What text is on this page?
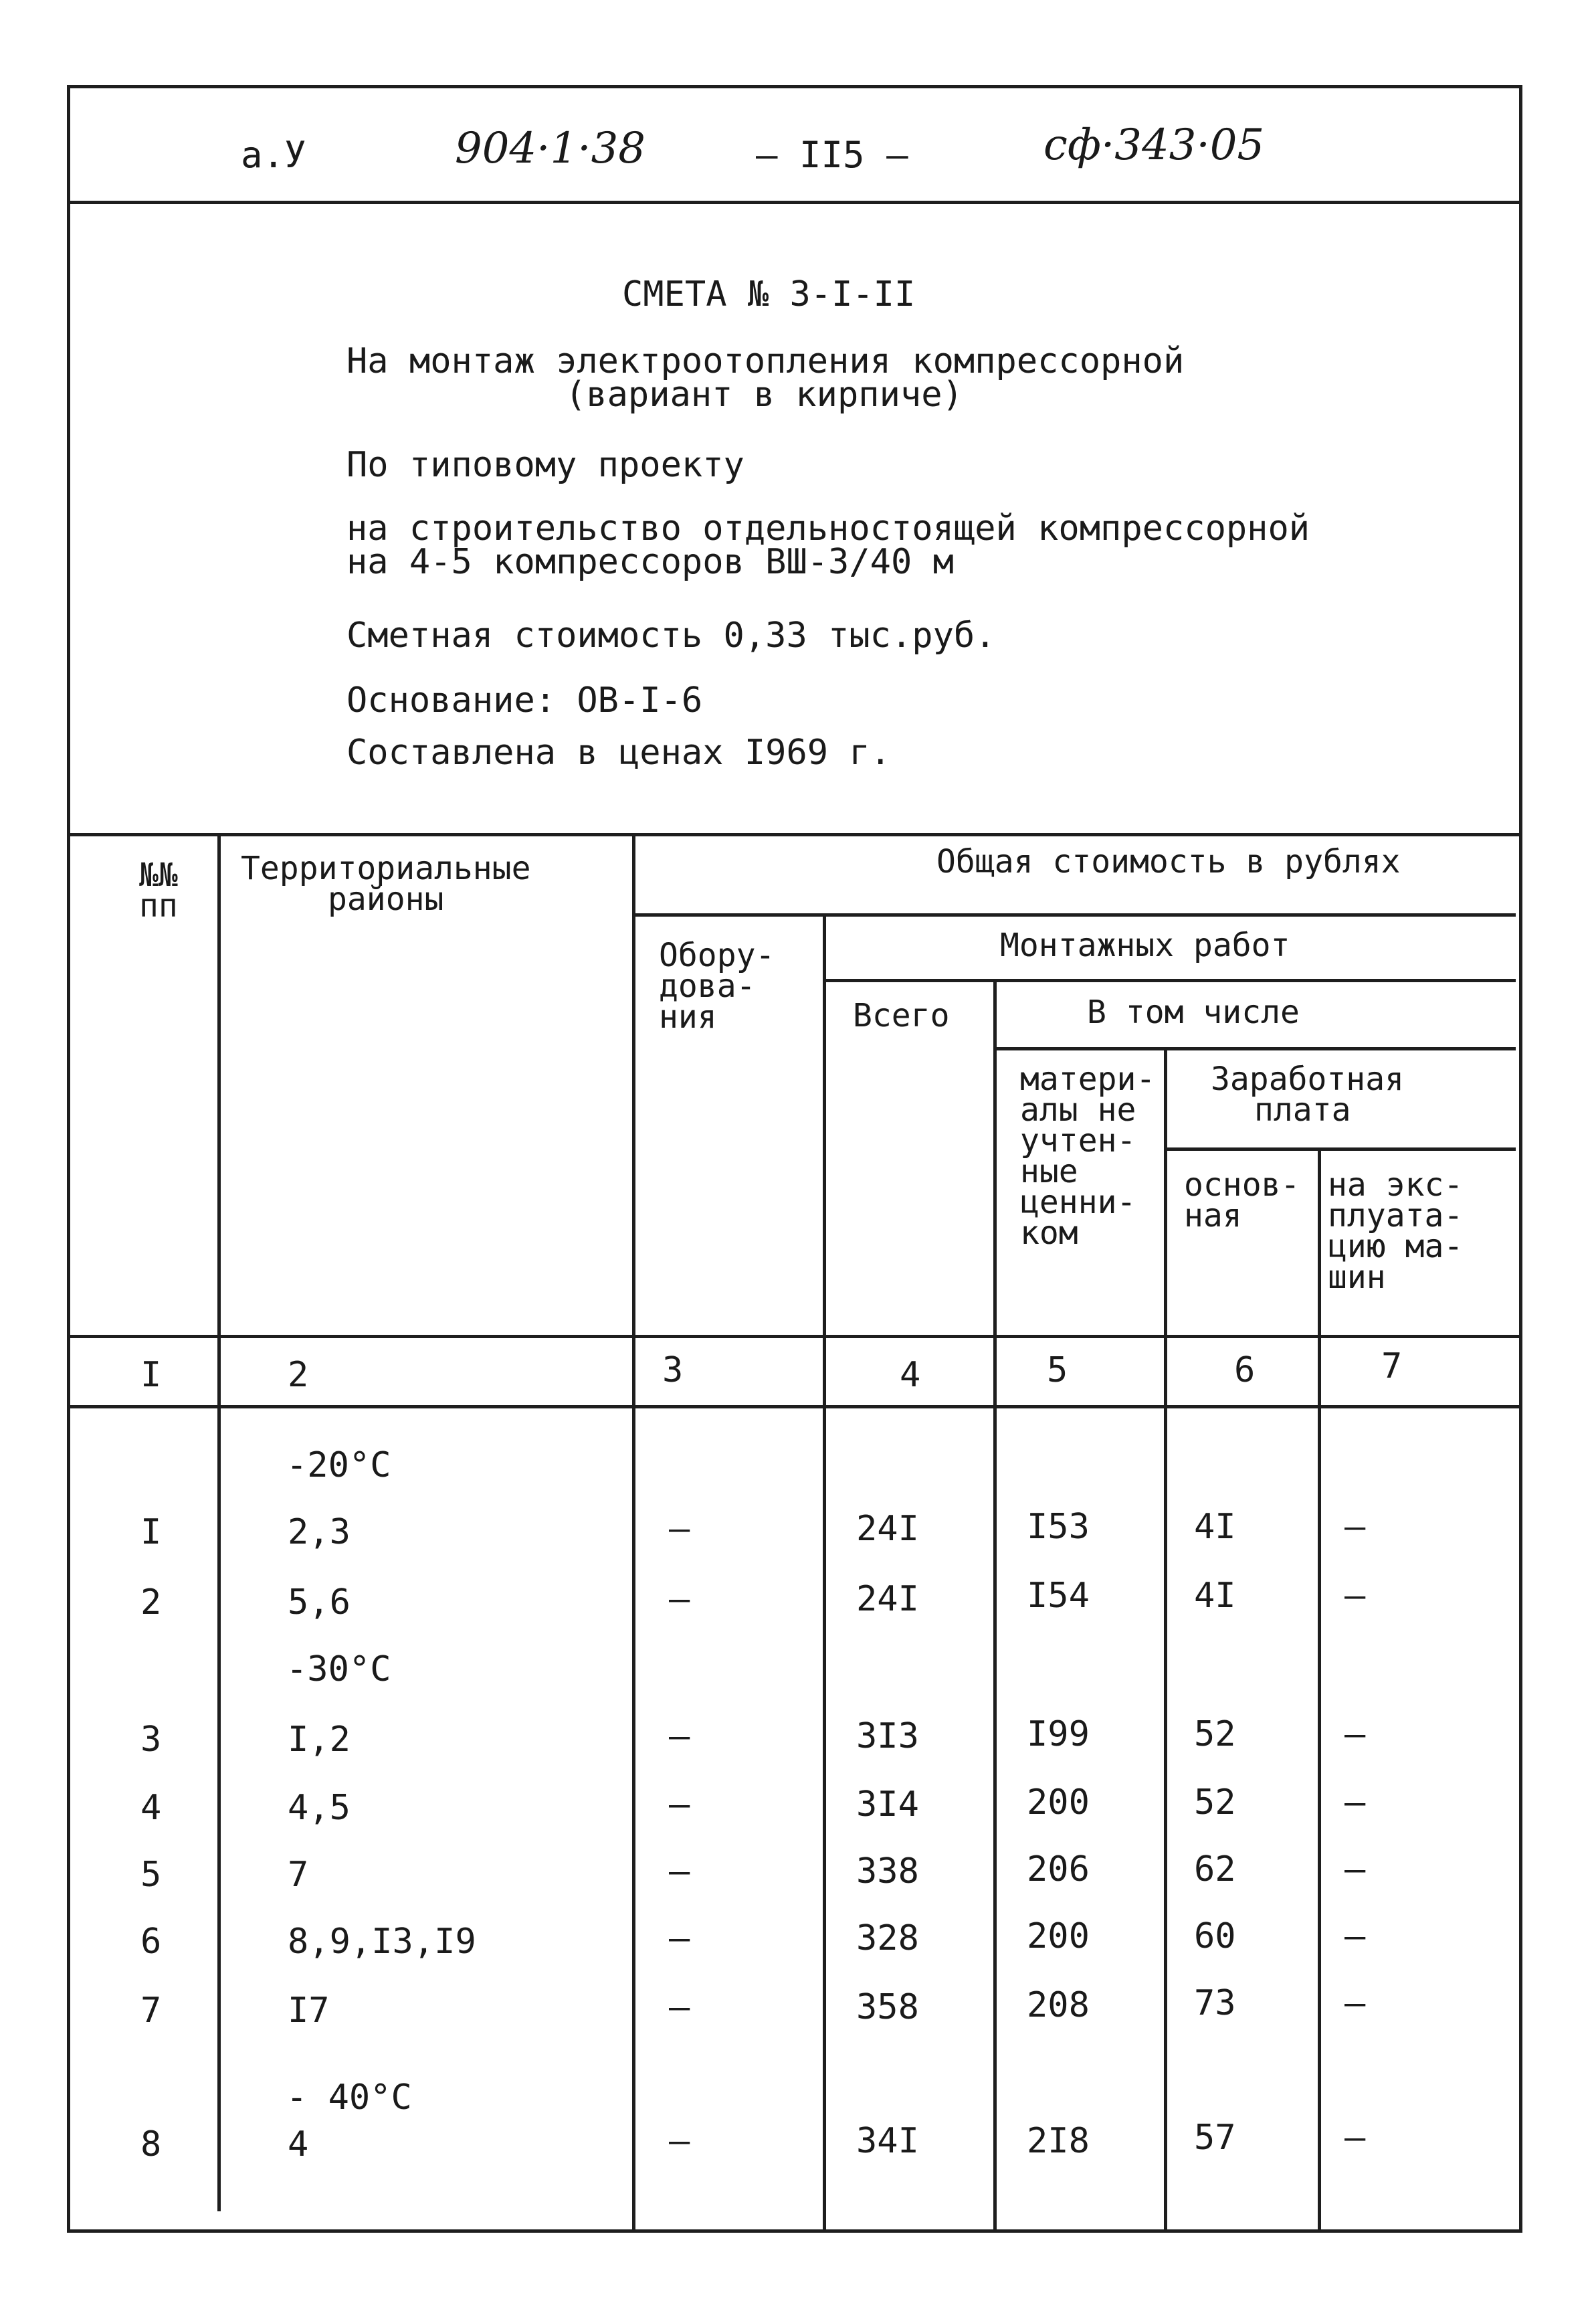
а.У	904·1·38	– II5 –	сф·343·05
СМЕТА № 3-I-II
На монтаж электроотопления компрессорной
(вариант в кирпиче)
По типовому проекту
на строительство отдельностоящей компрессорной
на 4-5 компрессоров ВШ-3/40 м
Сметная стоимость 0,33 тыс.руб.
Основание: ОВ-I-6
Составлена в ценах I969 г.
№№
пп
Территориальные
районы
Общая стоимость в рублях
Обору-
дова-
ния
Монтажных работ
Всего	В том числе
матери-
алы не
учтен-
ные
ценни-
ком
Заработная
плата
основ-
ная
на экс-
плуата-
цию ма-
шин
I	2	3	4	5	6	7
-20°C
I	2,3	–	24I	I53	4I	–
2	5,6	–	24I	I54	4I	–
-30°C
3	I,2	–	3I3	I99	52	–
4	4,5	–	3I4	200	52	–
5	7	–	338	206	62	–
6	8,9,I3,I9	–	328	200	60	–
7	I7	–	358	208	73	–
- 40°C
8	4	–	34I	2I8	57	–
